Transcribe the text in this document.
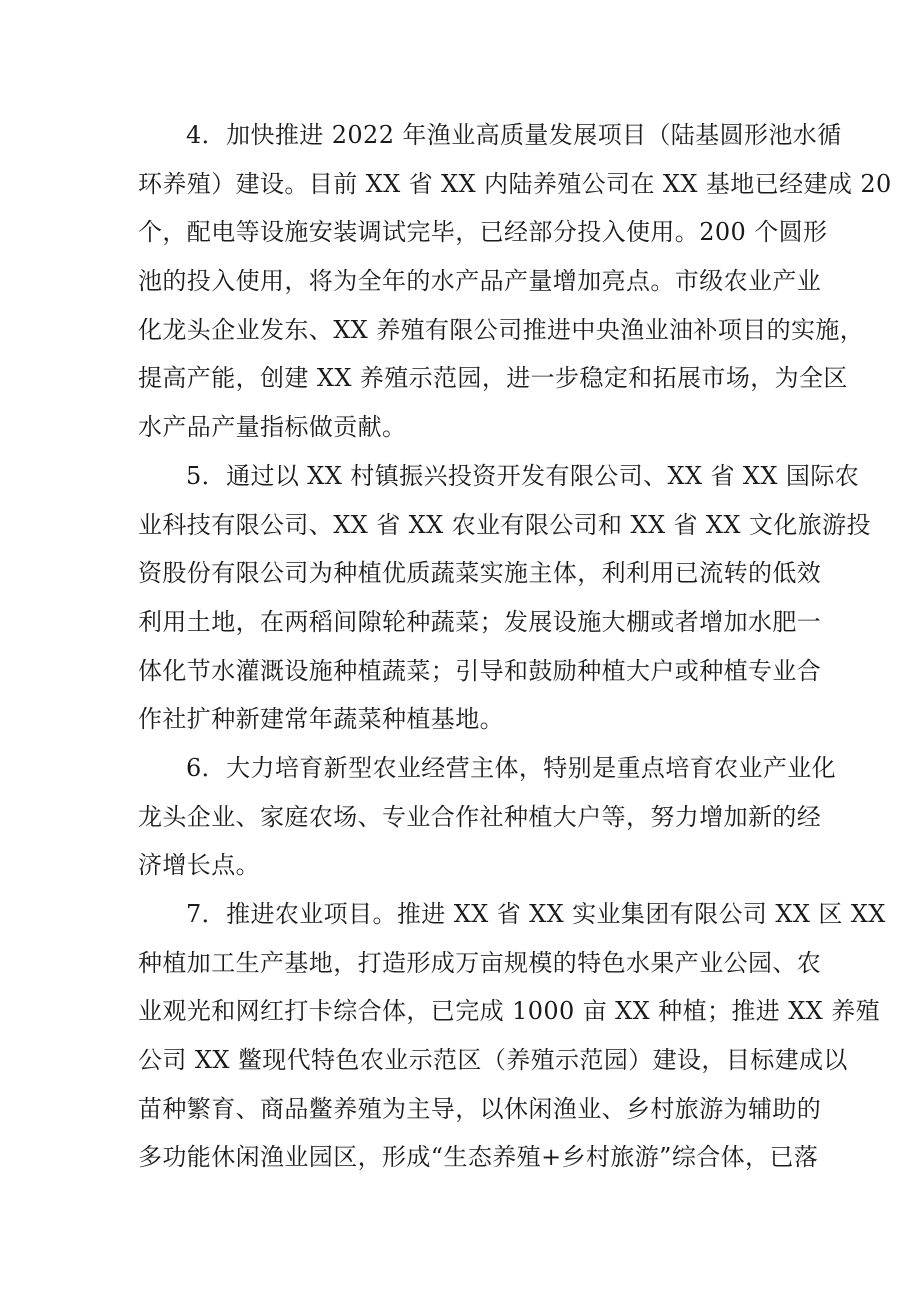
4．加快推进 2022 年渔业高质量发展项目（陆基圆形池水循
环养殖）建设。目前 XX 省 XX 内陆养殖公司在 XX 基地已经建成 20
个，配电等设施安装调试完毕，已经部分投入使用。200 个圆形
池的投入使用，将为全年的水产品产量增加亮点。市级农业产业
化龙头企业发东、XX 养殖有限公司推进中央渔业油补项目的实施，
提高产能，创建 XX 养殖示范园，进一步稳定和拓展市场，为全区
水产品产量指标做贡献。
5．通过以 XX 村镇振兴投资开发有限公司、XX 省 XX 国际农
业科技有限公司、XX 省 XX 农业有限公司和 XX 省 XX 文化旅游投
资股份有限公司为种植优质蔬菜实施主体，利利用已流转的低效
利用土地，在两稻间隙轮种蔬菜；发展设施大棚或者增加水肥一
体化节水灌溉设施种植蔬菜；引导和鼓励种植大户或种植专业合
作社扩种新建常年蔬菜种植基地。
6．大力培育新型农业经营主体，特别是重点培育农业产业化
龙头企业、家庭农场、专业合作社种植大户等，努力增加新的经
济增长点。
7．推进农业项目。推进 XX 省 XX 实业集团有限公司 XX 区 XX
种植加工生产基地，打造形成万亩规模的特色水果产业公园、农
业观光和网红打卡综合体，已完成 1000 亩 XX 种植；推进 XX 养殖
公司 XX 鳖现代特色农业示范区（养殖示范园）建设，目标建成以
苗种繁育、商品鳖养殖为主导，以休闲渔业、乡村旅游为辅助的
多功能休闲渔业园区，形成“生态养殖+乡村旅游”综合体，已落
